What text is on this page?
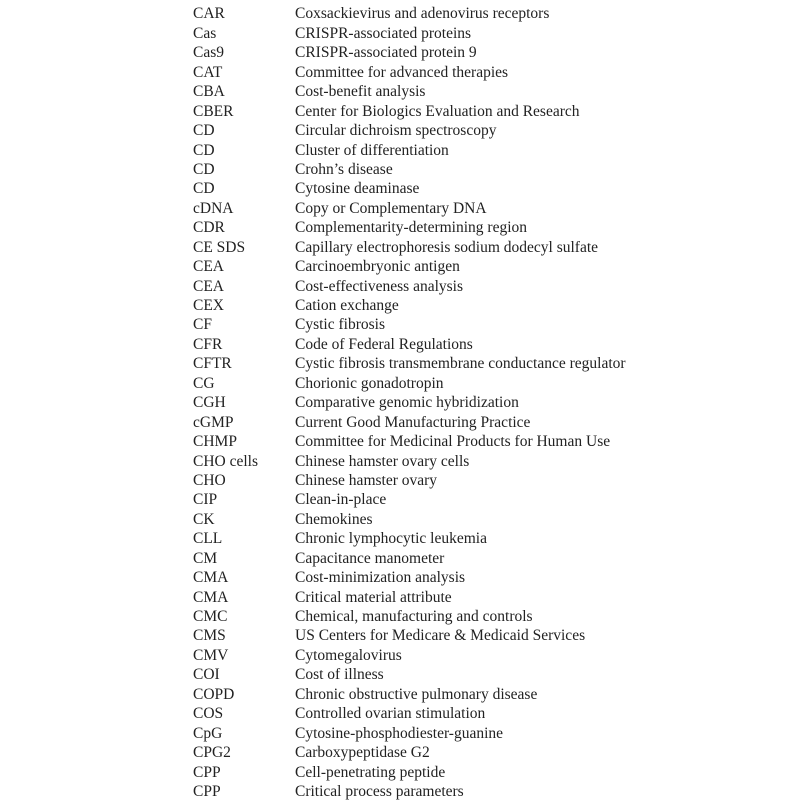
CAR	Coxsackievirus and adenovirus receptors
Cas	CRISPR-associated proteins
Cas9	CRISPR-associated protein 9
CAT	Committee for advanced therapies
CBA	Cost-benefit analysis
CBER	Center for Biologics Evaluation and Research
CD	Circular dichroism spectroscopy
CD	Cluster of differentiation
CD	Crohn’s disease
CD	Cytosine deaminase
cDNA	Copy or Complementary DNA
CDR	Complementarity-determining region
CE SDS	Capillary electrophoresis sodium dodecyl sulfate
CEA	Carcinoembryonic antigen
CEA	Cost-effectiveness analysis
CEX	Cation exchange
CF	Cystic fibrosis
CFR	Code of Federal Regulations
CFTR	Cystic fibrosis transmembrane conductance regulator
CG	Chorionic gonadotropin
CGH	Comparative genomic hybridization
cGMP	Current Good Manufacturing Practice
CHMP	Committee for Medicinal Products for Human Use
CHO cells	Chinese hamster ovary cells
CHO	Chinese hamster ovary
CIP	Clean-in-place
CK	Chemokines
CLL	Chronic lymphocytic leukemia
CM	Capacitance manometer
CMA	Cost-minimization analysis
CMA	Critical material attribute
CMC	Chemical, manufacturing and controls
CMS	US Centers for Medicare & Medicaid Services
CMV	Cytomegalovirus
COI	Cost of illness
COPD	Chronic obstructive pulmonary disease
COS	Controlled ovarian stimulation
CpG	Cytosine-phosphodiester-guanine
CPG2	Carboxypeptidase G2
CPP	Cell-penetrating peptide
CPP	Critical process parameters
